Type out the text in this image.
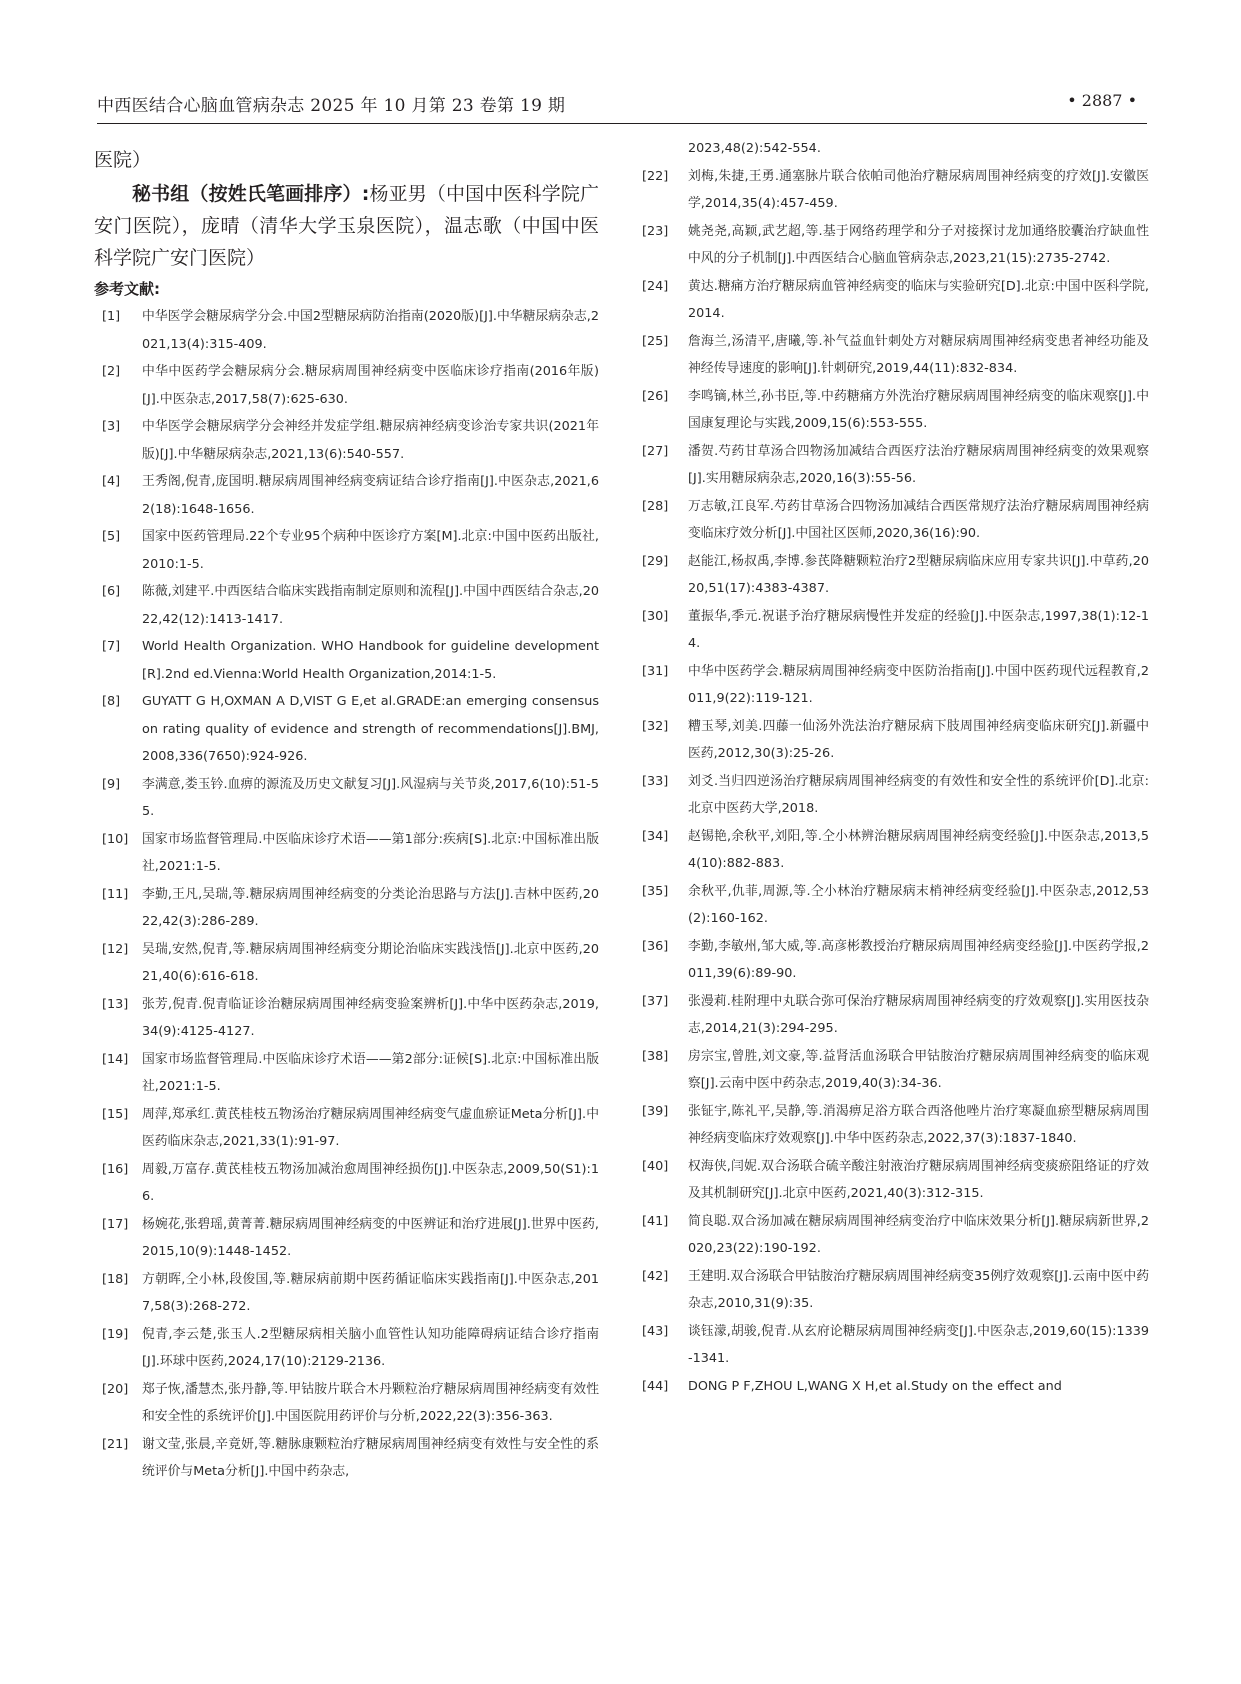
中西医结合心脑血管病杂志 2025 年 10 月第 23 卷第 19 期	• 2887 •
医院）

秘书组（按姓氏笔画排序）:杨亚男（中国中医科学院广安门医院），庞晴（清华大学玉泉医院），温志歌（中国中医科学院广安门医院）

参考文献:
[1] 中华医学会糖尿病学分会.中国2型糖尿病防治指南(2020版)[J].中华糖尿病杂志,2021,13(4):315-409.
[2] 中华中医药学会糖尿病分会.糖尿病周围神经病变中医临床诊疗指南(2016年版)[J].中医杂志,2017,58(7):625-630.
[3] 中华医学会糖尿病学分会神经并发症学组.糖尿病神经病变诊治专家共识(2021年版)[J].中华糖尿病杂志,2021,13(6):540-557.
[4] 王秀阁,倪青,庞国明.糖尿病周围神经病变病证结合诊疗指南[J].中医杂志,2021,62(18):1648-1656.
[5] 国家中医药管理局.22个专业95个病种中医诊疗方案[M].北京:中国中医药出版社,2010:1-5.
[6] 陈薇,刘建平.中西医结合临床实践指南制定原则和流程[J].中国中西医结合杂志,2022,42(12):1413-1417.
[7] World Health Organization. WHO Handbook for guideline development[R].2nd ed.Vienna:World Health Organization,2014:1-5.
[8] GUYATT G H,OXMAN A D,VIST G E,et al.GRADE:an emerging consensus on rating quality of evidence and strength of recommendations[J].BMJ,2008,336(7650):924-926.
[9] 李满意,娄玉钤.血痹的源流及历史文献复习[J].风湿病与关节炎,2017,6(10):51-55.
[10] 国家市场监督管理局.中医临床诊疗术语——第1部分:疾病[S].北京:中国标准出版社,2021:1-5.
[11] 李勤,王凡,吴瑞,等.糖尿病周围神经病变的分类论治思路与方法[J].吉林中医药,2022,42(3):286-289.
[12] 吴瑞,安然,倪青,等.糖尿病周围神经病变分期论治临床实践浅悟[J].北京中医药,2021,40(6):616-618.
[13] 张芳,倪青.倪青临证诊治糖尿病周围神经病变验案辨析[J].中华中医药杂志,2019,34(9):4125-4127.
[14] 国家市场监督管理局.中医临床诊疗术语——第2部分:证候[S].北京:中国标准出版社,2021:1-5.
[15] 周萍,郑承红.黄芪桂枝五物汤治疗糖尿病周围神经病变气虚血瘀证Meta分析[J].中医药临床杂志,2021,33(1):91-97.
[16] 周毅,万富存.黄芪桂枝五物汤加减治愈周围神经损伤[J].中医杂志,2009,50(S1):16.
[17] 杨婉花,张碧瑶,黄菁菁.糖尿病周围神经病变的中医辨证和治疗进展[J].世界中医药,2015,10(9):1448-1452.
[18] 方朝晖,仝小林,段俊国,等.糖尿病前期中医药循证临床实践指南[J].中医杂志,2017,58(3):268-272.
[19] 倪青,李云楚,张玉人.2型糖尿病相关脑小血管性认知功能障碍病证结合诊疗指南[J].环球中医药,2024,17(10):2129-2136.
[20] 郑子恢,潘慧杰,张丹静,等.甲钴胺片联合木丹颗粒治疗糖尿病周围神经病变有效性和安全性的系统评价[J].中国医院用药评价与分析,2022,22(3):356-363.
[21] 谢文莹,张晨,辛竟妍,等.糖脉康颗粒治疗糖尿病周围神经病变有效性与安全性的系统评价与Meta分析[J].中国中药杂志,
2023,48(2):542-554.
[22] 刘梅,朱捷,王勇.通塞脉片联合依帕司他治疗糖尿病周围神经病变的疗效[J].安徽医学,2014,35(4):457-459.
[23] 姚尧尧,高颖,武艺超,等.基于网络药理学和分子对接探讨龙加通络胶囊治疗缺血性中风的分子机制[J].中西医结合心脑血管病杂志,2023,21(15):2735-2742.
[24] 黄达.糖痛方治疗糖尿病血管神经病变的临床与实验研究[D].北京:中国中医科学院,2014.
[25] 詹海兰,汤清平,唐曦,等.补气益血针刺处方对糖尿病周围神经病变患者神经功能及神经传导速度的影响[J].针刺研究,2019,44(11):832-834.
[26] 李鸣镝,林兰,孙书臣,等.中药糖痛方外洗治疗糖尿病周围神经病变的临床观察[J].中国康复理论与实践,2009,15(6):553-555.
[27] 潘贺.芍药甘草汤合四物汤加减结合西医疗法治疗糖尿病周围神经病变的效果观察[J].实用糖尿病杂志,2020,16(3):55-56.
[28] 万志敏,江良军.芍药甘草汤合四物汤加减结合西医常规疗法治疗糖尿病周围神经病变临床疗效分析[J].中国社区医师,2020,36(16):90.
[29] 赵能江,杨叔禹,李博.参芪降糖颗粒治疗2型糖尿病临床应用专家共识[J].中草药,2020,51(17):4383-4387.
[30] 董振华,季元.祝谌予治疗糖尿病慢性并发症的经验[J].中医杂志,1997,38(1):12-14.
[31] 中华中医药学会.糖尿病周围神经病变中医防治指南[J].中国中医药现代远程教育,2011,9(22):119-121.
[32] 糟玉琴,刘美.四藤一仙汤外洗法治疗糖尿病下肢周围神经病变临床研究[J].新疆中医药,2012,30(3):25-26.
[33] 刘爻.当归四逆汤治疗糖尿病周围神经病变的有效性和安全性的系统评价[D].北京:北京中医药大学,2018.
[34] 赵锡艳,余秋平,刘阳,等.仝小林辨治糖尿病周围神经病变经验[J].中医杂志,2013,54(10):882-883.
[35] 余秋平,仇菲,周源,等.仝小林治疗糖尿病末梢神经病变经验[J].中医杂志,2012,53(2):160-162.
[36] 李勤,李敏州,邹大威,等.高彦彬教授治疗糖尿病周围神经病变经验[J].中医药学报,2011,39(6):89-90.
[37] 张漫莉.桂附理中丸联合弥可保治疗糖尿病周围神经病变的疗效观察[J].实用医技杂志,2014,21(3):294-295.
[38] 房宗宝,曾胜,刘文豪,等.益肾活血汤联合甲钴胺治疗糖尿病周围神经病变的临床观察[J].云南中医中药杂志,2019,40(3):34-36.
[39] 张钲宇,陈礼平,吴静,等.消渴痹足浴方联合西洛他唑片治疗寒凝血瘀型糖尿病周围神经病变临床疗效观察[J].中华中医药杂志,2022,37(3):1837-1840.
[40] 权海侠,闫妮.双合汤联合硫辛酸注射液治疗糖尿病周围神经病变痰瘀阻络证的疗效及其机制研究[J].北京中医药,2021,40(3):312-315.
[41] 简良聪.双合汤加减在糖尿病周围神经病变治疗中临床效果分析[J].糖尿病新世界,2020,23(22):190-192.
[42] 王建明.双合汤联合甲钴胺治疗糖尿病周围神经病变35例疗效观察[J].云南中医中药杂志,2010,31(9):35.
[43] 谈钰濛,胡骏,倪青.从玄府论糖尿病周围神经病变[J].中医杂志,2019,60(15):1339-1341.
[44] DONG P F,ZHOU L,WANG X H,et al.Study on the effect and
